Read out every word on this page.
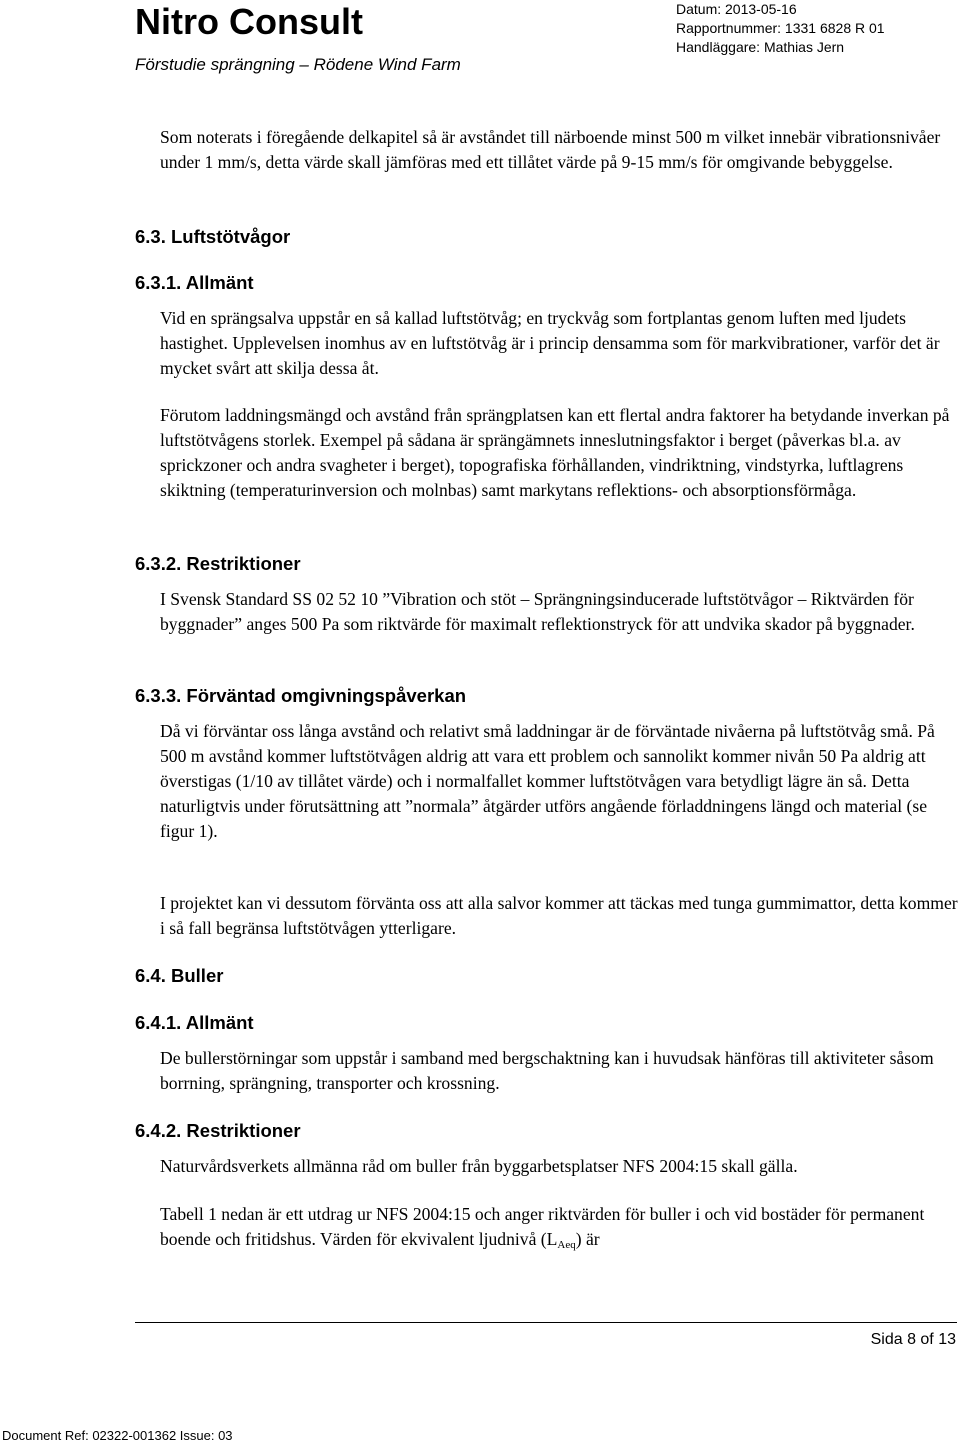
Nitro Consult
Förstudie sprängning – Rödene Wind Farm
Datum: 2013-05-16
Rapportnummer: 1331 6828 R 01
Handläggare: Mathias Jern

Som noterats i föregående delkapitel så är avståndet till närboende minst 500 m vilket innebär vibrationsnivåer under 1 mm/s, detta värde skall jämföras med ett tillåtet värde på 9-15 mm/s för omgivande bebyggelse.

6.3. Luftstötvågor
6.3.1. Allmänt

Vid en sprängsalva uppstår en så kallad luftstötvåg; en tryckvåg som fortplantas genom luften med ljudets hastighet. Upplevelsen inomhus av en luftstötvåg är i princip densamma som för markvibrationer, varför det är mycket svårt att skilja dessa åt.

Förutom laddningsmängd och avstånd från sprängplatsen kan ett flertal andra faktorer ha betydande inverkan på luftstötvågens storlek. Exempel på sådana är sprängämnets inneslutningsfaktor i berget (påverkas bl.a. av sprickzoner och andra svagheter i berget), topografiska förhållanden, vindriktning, vindstyrka, luftlagrens skiktning (temperaturinversion och molnbas) samt markytans reflektions- och absorptionsförmåga.

6.3.2. Restriktioner

I Svensk Standard SS 02 52 10 ”Vibration och stöt – Sprängningsinducerade luftstötvågor – Riktvärden för byggnader” anges 500 Pa som riktvärde för maximalt reflektionstryck för att undvika skador på byggnader.

6.3.3. Förväntad omgivningspåverkan

Då vi förväntar oss långa avstånd och relativt små laddningar är de förväntade nivåerna på luftstötvåg små. På 500 m avstånd kommer luftstötvågen aldrig att vara ett problem och sannolikt kommer nivån 50 Pa aldrig att överstigas (1/10 av tillåtet värde) och i normalfallet kommer luftstötvågen vara betydligt lägre än så. Detta naturligtvis under förutsättning att ”normala” åtgärder utförs angående förladdningens längd och material (se figur 1).

I projektet kan vi dessutom förvänta oss att alla salvor kommer att täckas med tunga gummimattor, detta kommer i så fall begränsa luftstötvågen ytterligare.

6.4. Buller
6.4.1. Allmänt

De bullerstörningar som uppstår i samband med bergschaktning kan i huvudsak hänföras till aktiviteter såsom borrning, sprängning, transporter och krossning.

6.4.2. Restriktioner

Naturvårdsverkets allmänna råd om buller från byggarbetsplatser NFS 2004:15 skall gälla.

Tabell 1 nedan är ett utdrag ur NFS 2004:15 och anger riktvärden för buller i och vid bostäder för permanent boende och fritidshus. Värden för ekvivalent ljudnivå $(L_{Aeq})$ är

Sida 8 of 13
Document Ref: 02322-001362 Issue: 03
